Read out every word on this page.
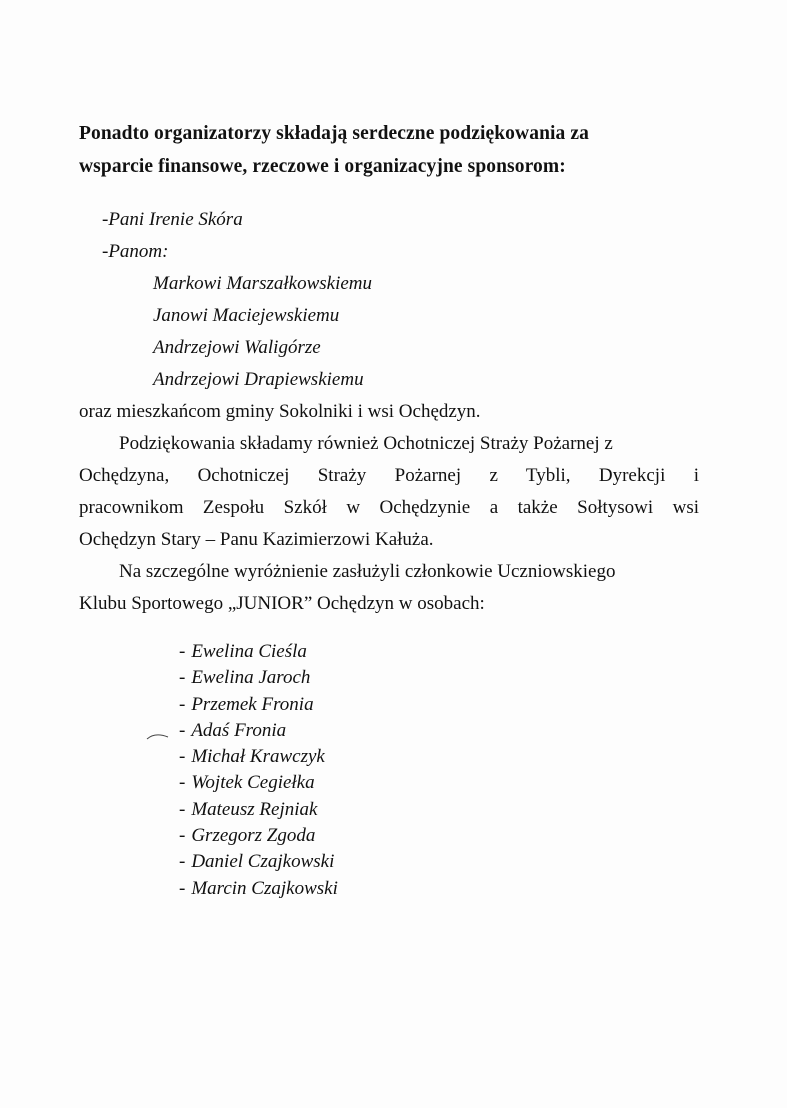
Ponadto organizatorzy składają serdeczne podziękowania za
wsparcie finansowe, rzeczowe i organizacyjne sponsorom:
-Pani Irenie Skóra
-Panom:
Markowi Marszałkowskiemu
Janowi Maciejewskiemu
Andrzejowi Waligórze
Andrzejowi Drapiewskiemu
oraz mieszkańcom gminy Sokolniki i wsi Ochędzyn.
Podziękowania składamy również Ochotniczej Straży Pożarnej z
Ochędzyna, Ochotniczej Straży Pożarnej z Tybli, Dyrekcji i
pracownikom Zespołu Szkół w Ochędzynie a także Sołtysowi wsi
Ochędzyn Stary – Panu Kazimierzowi Kałuża.
Na szczególne wyróżnienie zasłużyli członkowie Uczniowskiego
Klubu Sportowego „JUNIOR” Ochędzyn w osobach:
- Ewelina Cieśla
- Ewelina Jaroch
- Przemek Fronia
- Adaś Fronia
- Michał Krawczyk
- Wojtek Cegiełka
- Mateusz Rejniak
- Grzegorz Zgoda
- Daniel Czajkowski
- Marcin Czajkowski
